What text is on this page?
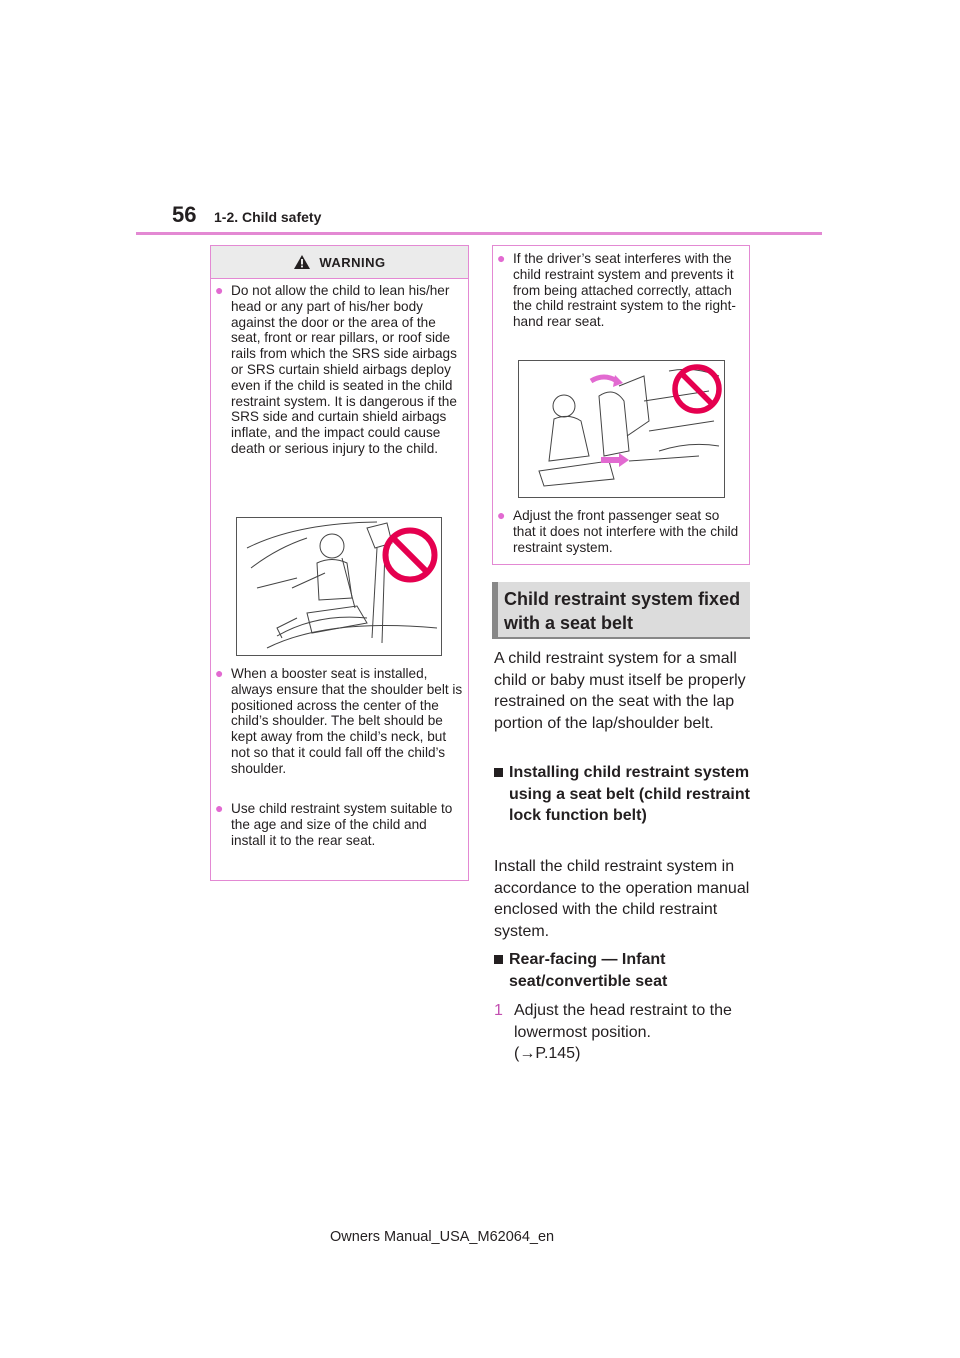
56 1-2. Child safety
WARNING
● Do not allow the child to lean his/her head or any part of his/her body against the door or the area of the seat, front or rear pillars, or roof side rails from which the SRS side airbags or SRS curtain shield airbags deploy even if the child is seated in the child restraint system. It is dangerous if the SRS side and curtain shield airbags inflate, and the impact could cause death or serious injury to the child.
● When a booster seat is installed, always ensure that the shoulder belt is positioned across the center of the child’s shoulder. The belt should be kept away from the child’s neck, but not so that it could fall off the child’s shoulder.
● Use child restraint system suitable to the age and size of the child and install it to the rear seat.
● If the driver’s seat interferes with the child restraint system and prevents it from being attached correctly, attach the child restraint system to the right-hand rear seat.
● Adjust the front passenger seat so that it does not interfere with the child restraint system.
Child restraint system fixed with a seat belt
A child restraint system for a small child or baby must itself be properly restrained on the seat with the lap portion of the lap/shoulder belt.
Installing child restraint system using a seat belt (child restraint lock function belt)
Install the child restraint system in accordance to the operation manual enclosed with the child restraint system.
Rear-facing — Infant seat/convertible seat
1 Adjust the head restraint to the lowermost position.
(→P.145)
Owners Manual_USA_M62064_en
